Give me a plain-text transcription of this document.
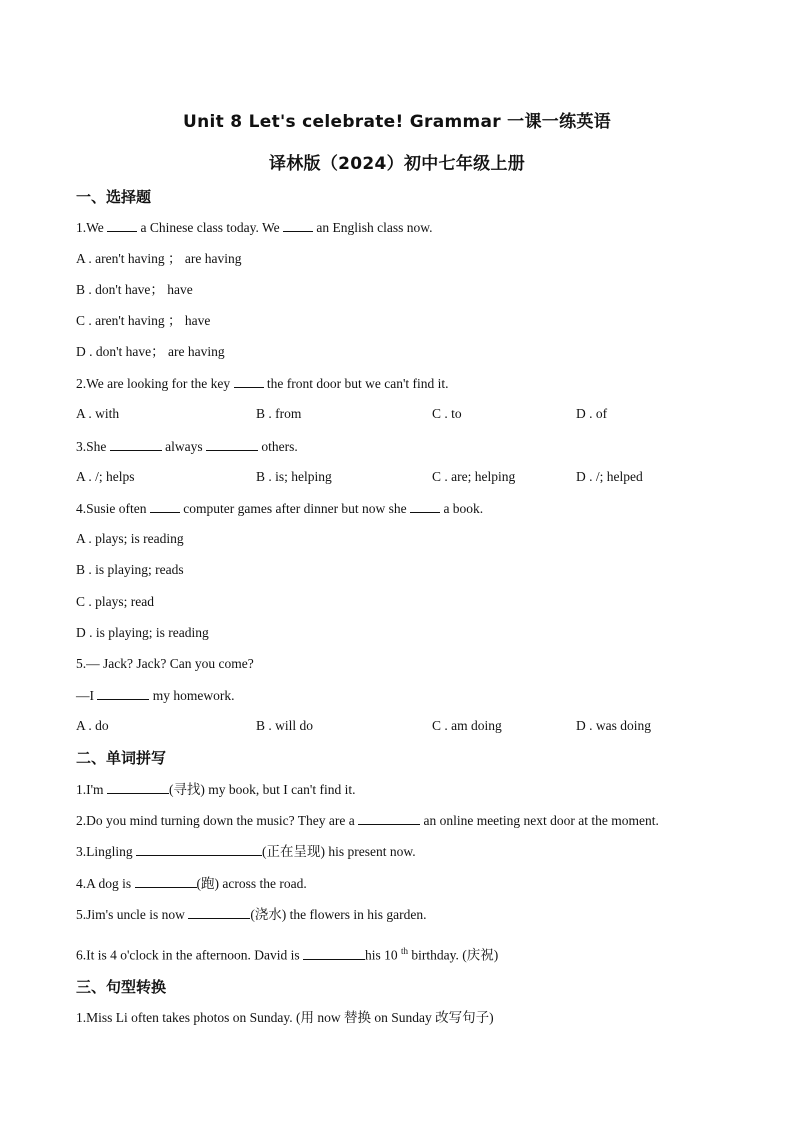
Unit 8 Let's celebrate! Grammar 一课一练英语
译林版（2024）初中七年级上册
一、选择题
1.We  a Chinese class today. We  an English class now.
A . aren't having ； are having
B . don't have； have
C . aren't having ； have
D . don't have； are having
2.We are looking for the key  the front door but we can't find it.
A . with	B . from	C . to	D . of
3.She	always	others.
A . /; helps	B . is; helping	C . are; helping	D . /; helped
4.Susie often  computer games after dinner but now she  a book.
A . plays; is reading
B . is playing; reads
C . plays; read
D . is playing; is reading
5.— Jack? Jack? Can you come?
—I	my homework.
A . do	B . will do	C . am doing	D . was doing
二、单词拼写
1.I'm	(寻找) my book, but I can't find it.
2.Do you mind turning down the music? They are a	an online meeting next door at the moment.
3.Lingling	(正在呈现) his present now.
4.A dog is	(跑) across the road.
5.Jim's uncle is now	(浇水) the flowers in his garden.
6.It is 4 o'clock in the afternoon. David is	his 10 $^{th}$ birthday. (庆祝)
三、句型转换
1.Miss Li often takes photos on Sunday. (用 now 替换 on Sunday 改写句子)
